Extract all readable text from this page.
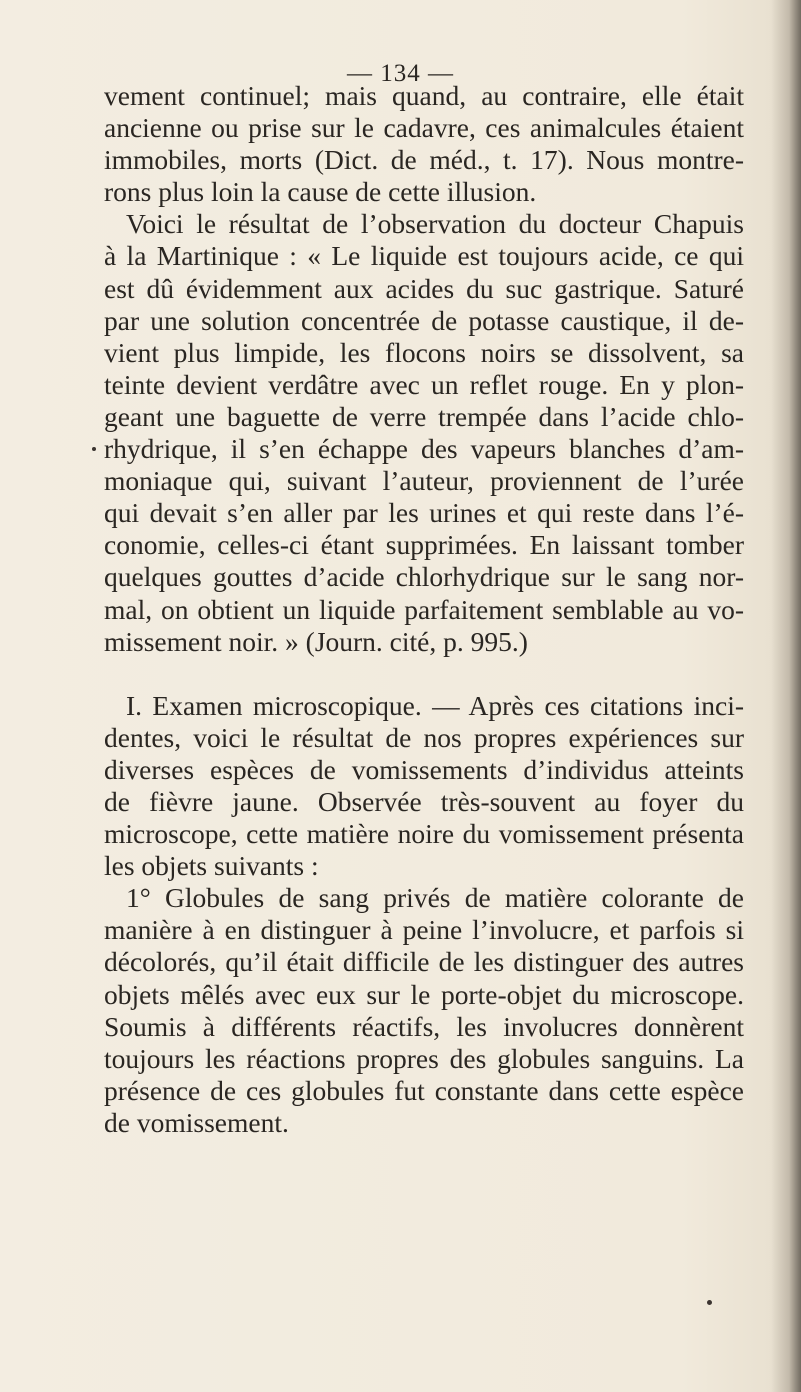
— 134 —
vement continuel; mais quand, au contraire, elle était
ancienne ou prise sur le cadavre, ces animalcules étaient
immobiles, morts (Dict. de méd., t. 17). Nous montre-
rons plus loin la cause de cette illusion.
Voici le résultat de l’observation du docteur Chapuis
à la Martinique : « Le liquide est toujours acide, ce qui
est dû évidemment aux acides du suc gastrique. Saturé
par une solution concentrée de potasse caustique, il de-
vient plus limpide, les flocons noirs se dissolvent, sa
teinte devient verdâtre avec un reflet rouge. En y plon-
geant une baguette de verre trempée dans l’acide chlo-
rhydrique, il s’en échappe des vapeurs blanches d’am-
moniaque qui, suivant l’auteur, proviennent de l’urée
qui devait s’en aller par les urines et qui reste dans l’é-
conomie, celles-ci étant supprimées. En laissant tomber
quelques gouttes d’acide chlorhydrique sur le sang nor-
mal, on obtient un liquide parfaitement semblable au vo-
missement noir. » (Journ. cité, p. 995.)
I. Examen microscopique. — Après ces citations inci-
dentes, voici le résultat de nos propres expériences sur
diverses espèces de vomissements d’individus atteints
de fièvre jaune. Observée très-souvent au foyer du
microscope, cette matière noire du vomissement présenta
les objets suivants :
1° Globules de sang privés de matière colorante de
manière à en distinguer à peine l’involucre, et parfois si
décolorés, qu’il était difficile de les distinguer des autres
objets mêlés avec eux sur le porte-objet du microscope.
Soumis à différents réactifs, les involucres donnèrent
toujours les réactions propres des globules sanguins. La
présence de ces globules fut constante dans cette espèce
de vomissement.
